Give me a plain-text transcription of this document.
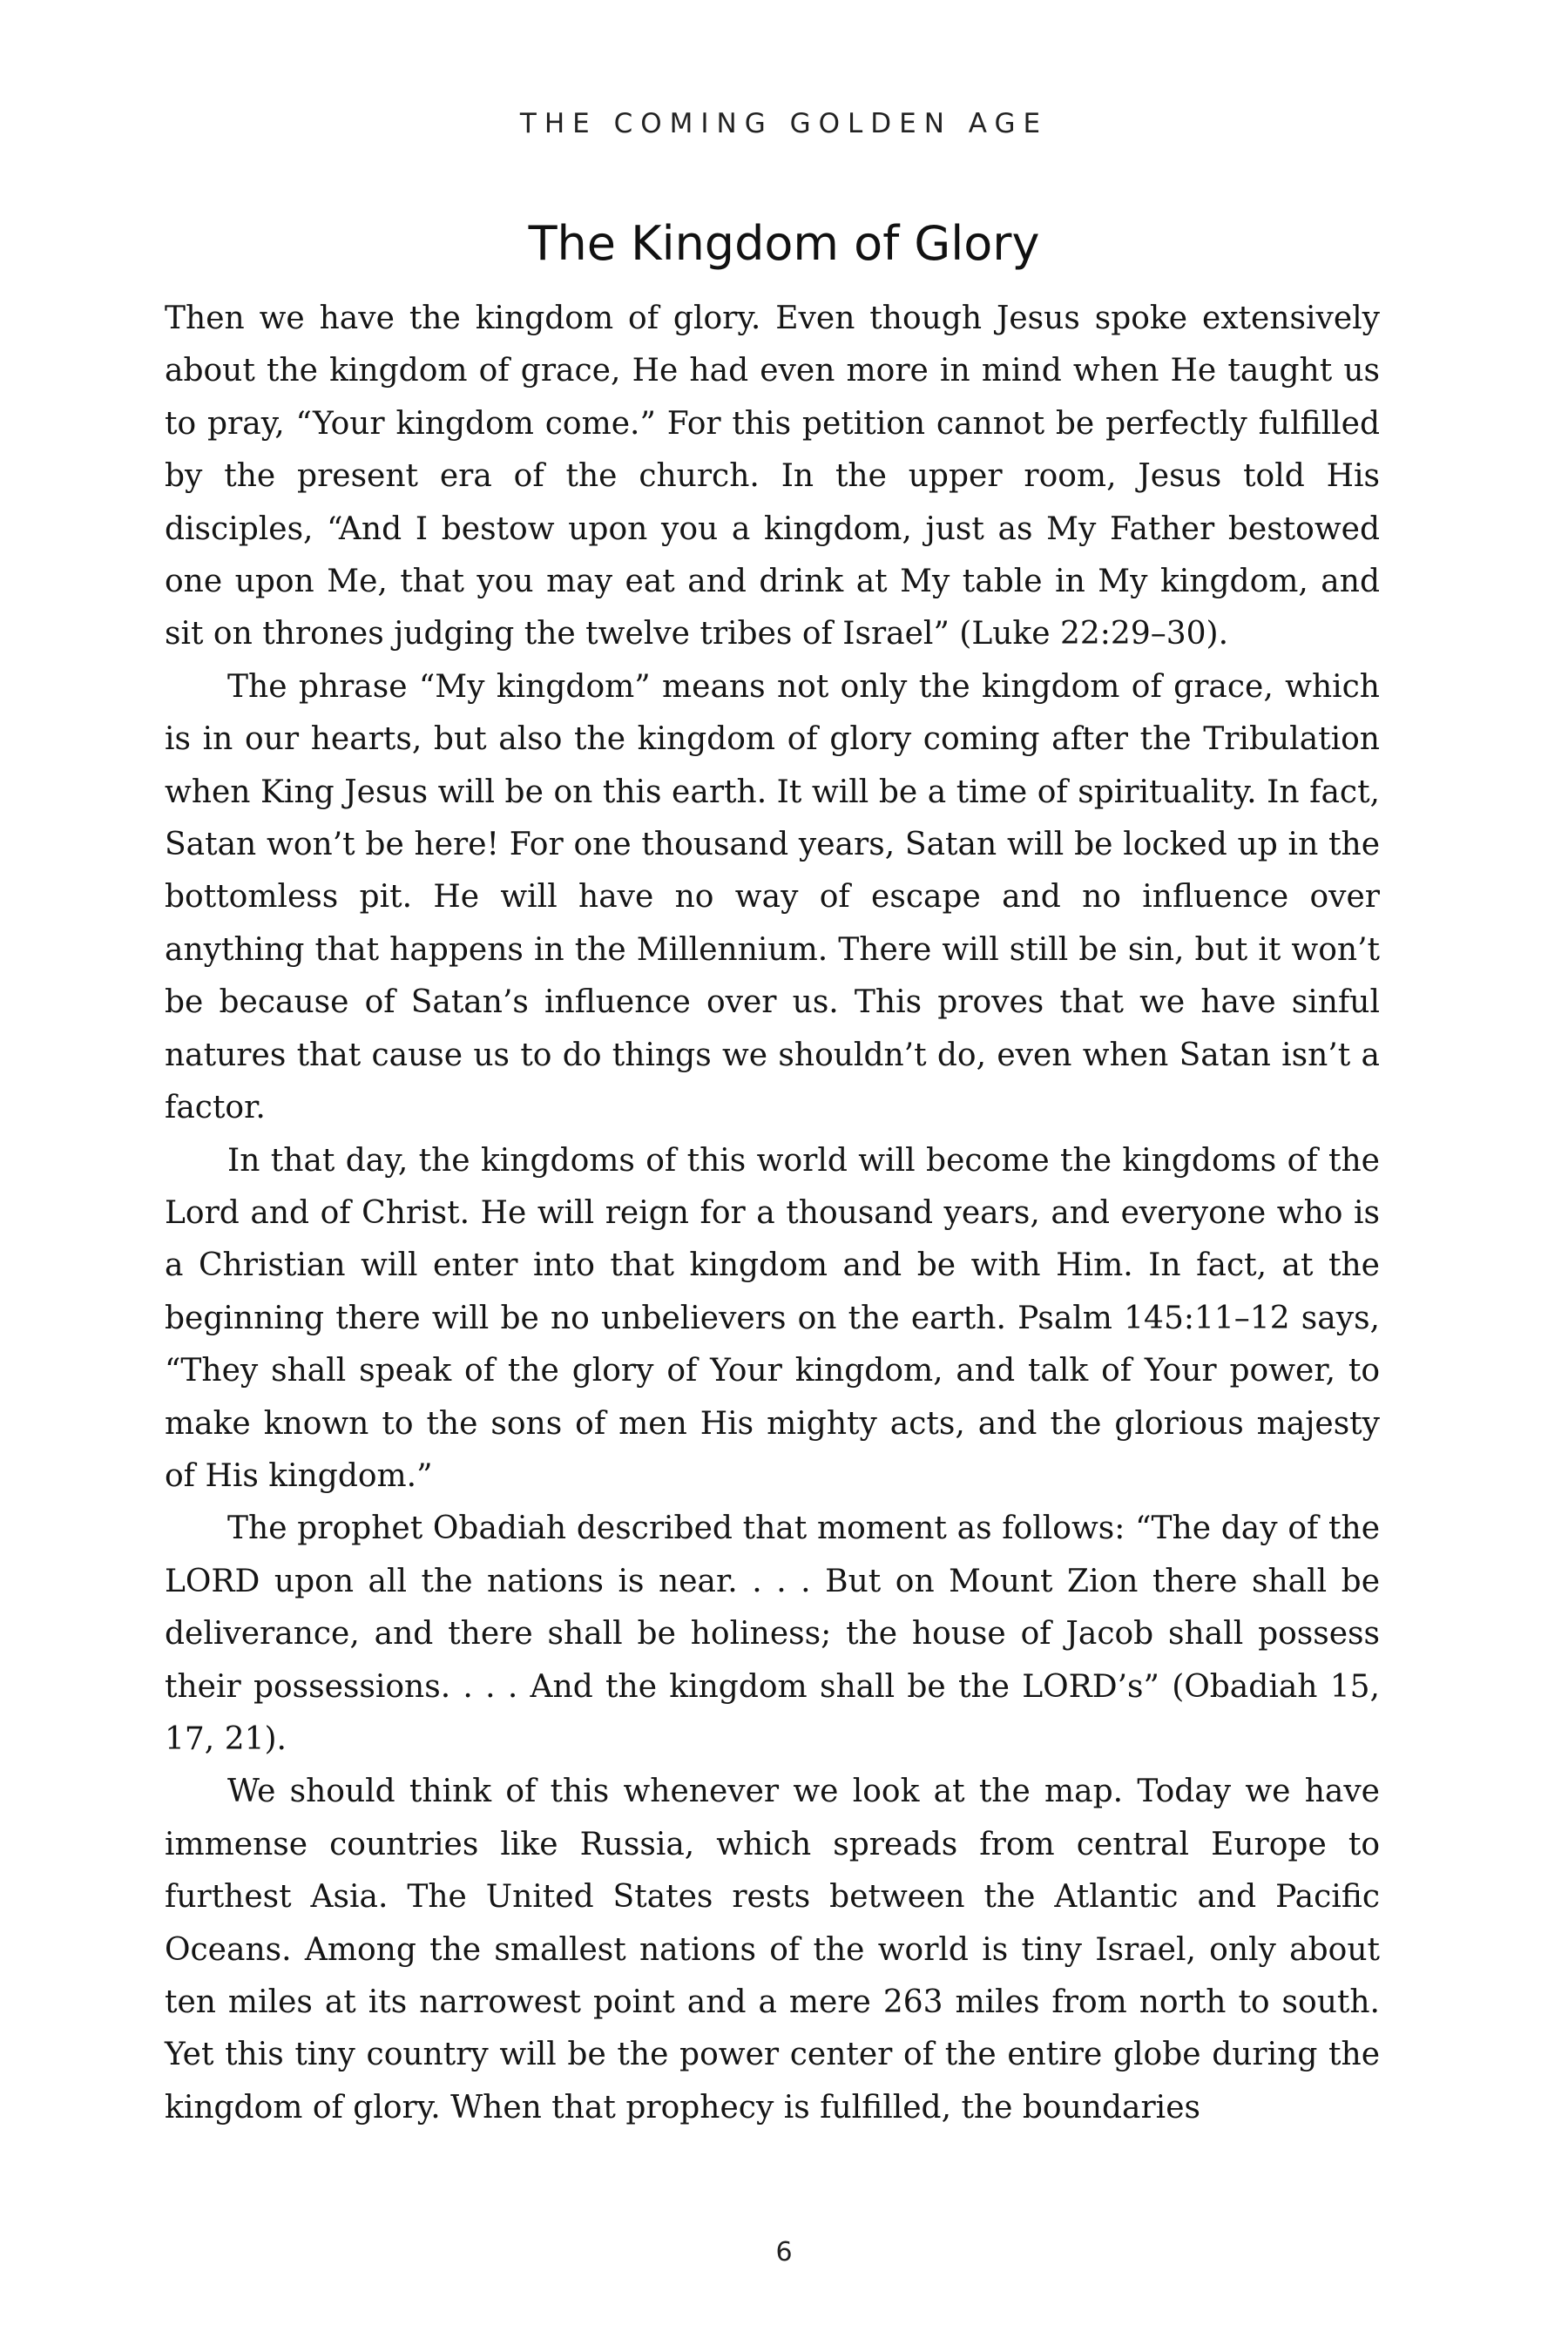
THE COMING GOLDEN AGE
The Kingdom of Glory

Then we have the kingdom of glory. Even though Jesus spoke extensively about the kingdom of grace, He had even more in mind when He taught us to pray, “Your kingdom come.” For this petition cannot be perfectly fulfilled by the present era of the church. In the upper room, Jesus told His disciples, “And I bestow upon you a kingdom, just as My Father bestowed one upon Me, that you may eat and drink at My table in My kingdom, and sit on thrones judging the twelve tribes of Israel” (Luke 22:29–30).

The phrase “My kingdom” means not only the kingdom of grace, which is in our hearts, but also the kingdom of glory coming after the Tribulation when King Jesus will be on this earth. It will be a time of spirituality. In fact, Satan won’t be here! For one thousand years, Satan will be locked up in the bottomless pit. He will have no way of escape and no influence over anything that happens in the Millennium. There will still be sin, but it won’t be because of Satan’s influence over us. This proves that we have sinful natures that cause us to do things we shouldn’t do, even when Satan isn’t a factor.

In that day, the kingdoms of this world will become the kingdoms of the Lord and of Christ. He will reign for a thousand years, and everyone who is a Christian will enter into that kingdom and be with Him. In fact, at the beginning there will be no unbelievers on the earth. Psalm 145:11–12 says, “They shall speak of the glory of Your kingdom, and talk of Your power, to make known to the sons of men His mighty acts, and the glorious majesty of His kingdom.”

The prophet Obadiah described that moment as follows: “The day of the LORD upon all the nations is near. . . . But on Mount Zion there shall be deliverance, and there shall be holiness; the house of Jacob shall possess their possessions. . . . And the kingdom shall be the LORD’s” (Obadiah 15, 17, 21).

We should think of this whenever we look at the map. Today we have immense countries like Russia, which spreads from central Europe to furthest Asia. The United States rests between the Atlantic and Pacific Oceans. Among the smallest nations of the world is tiny Israel, only about ten miles at its narrowest point and a mere 263 miles from north to south. Yet this tiny country will be the power center of the entire globe during the kingdom of glory. When that prophecy is fulfilled, the boundaries

6
